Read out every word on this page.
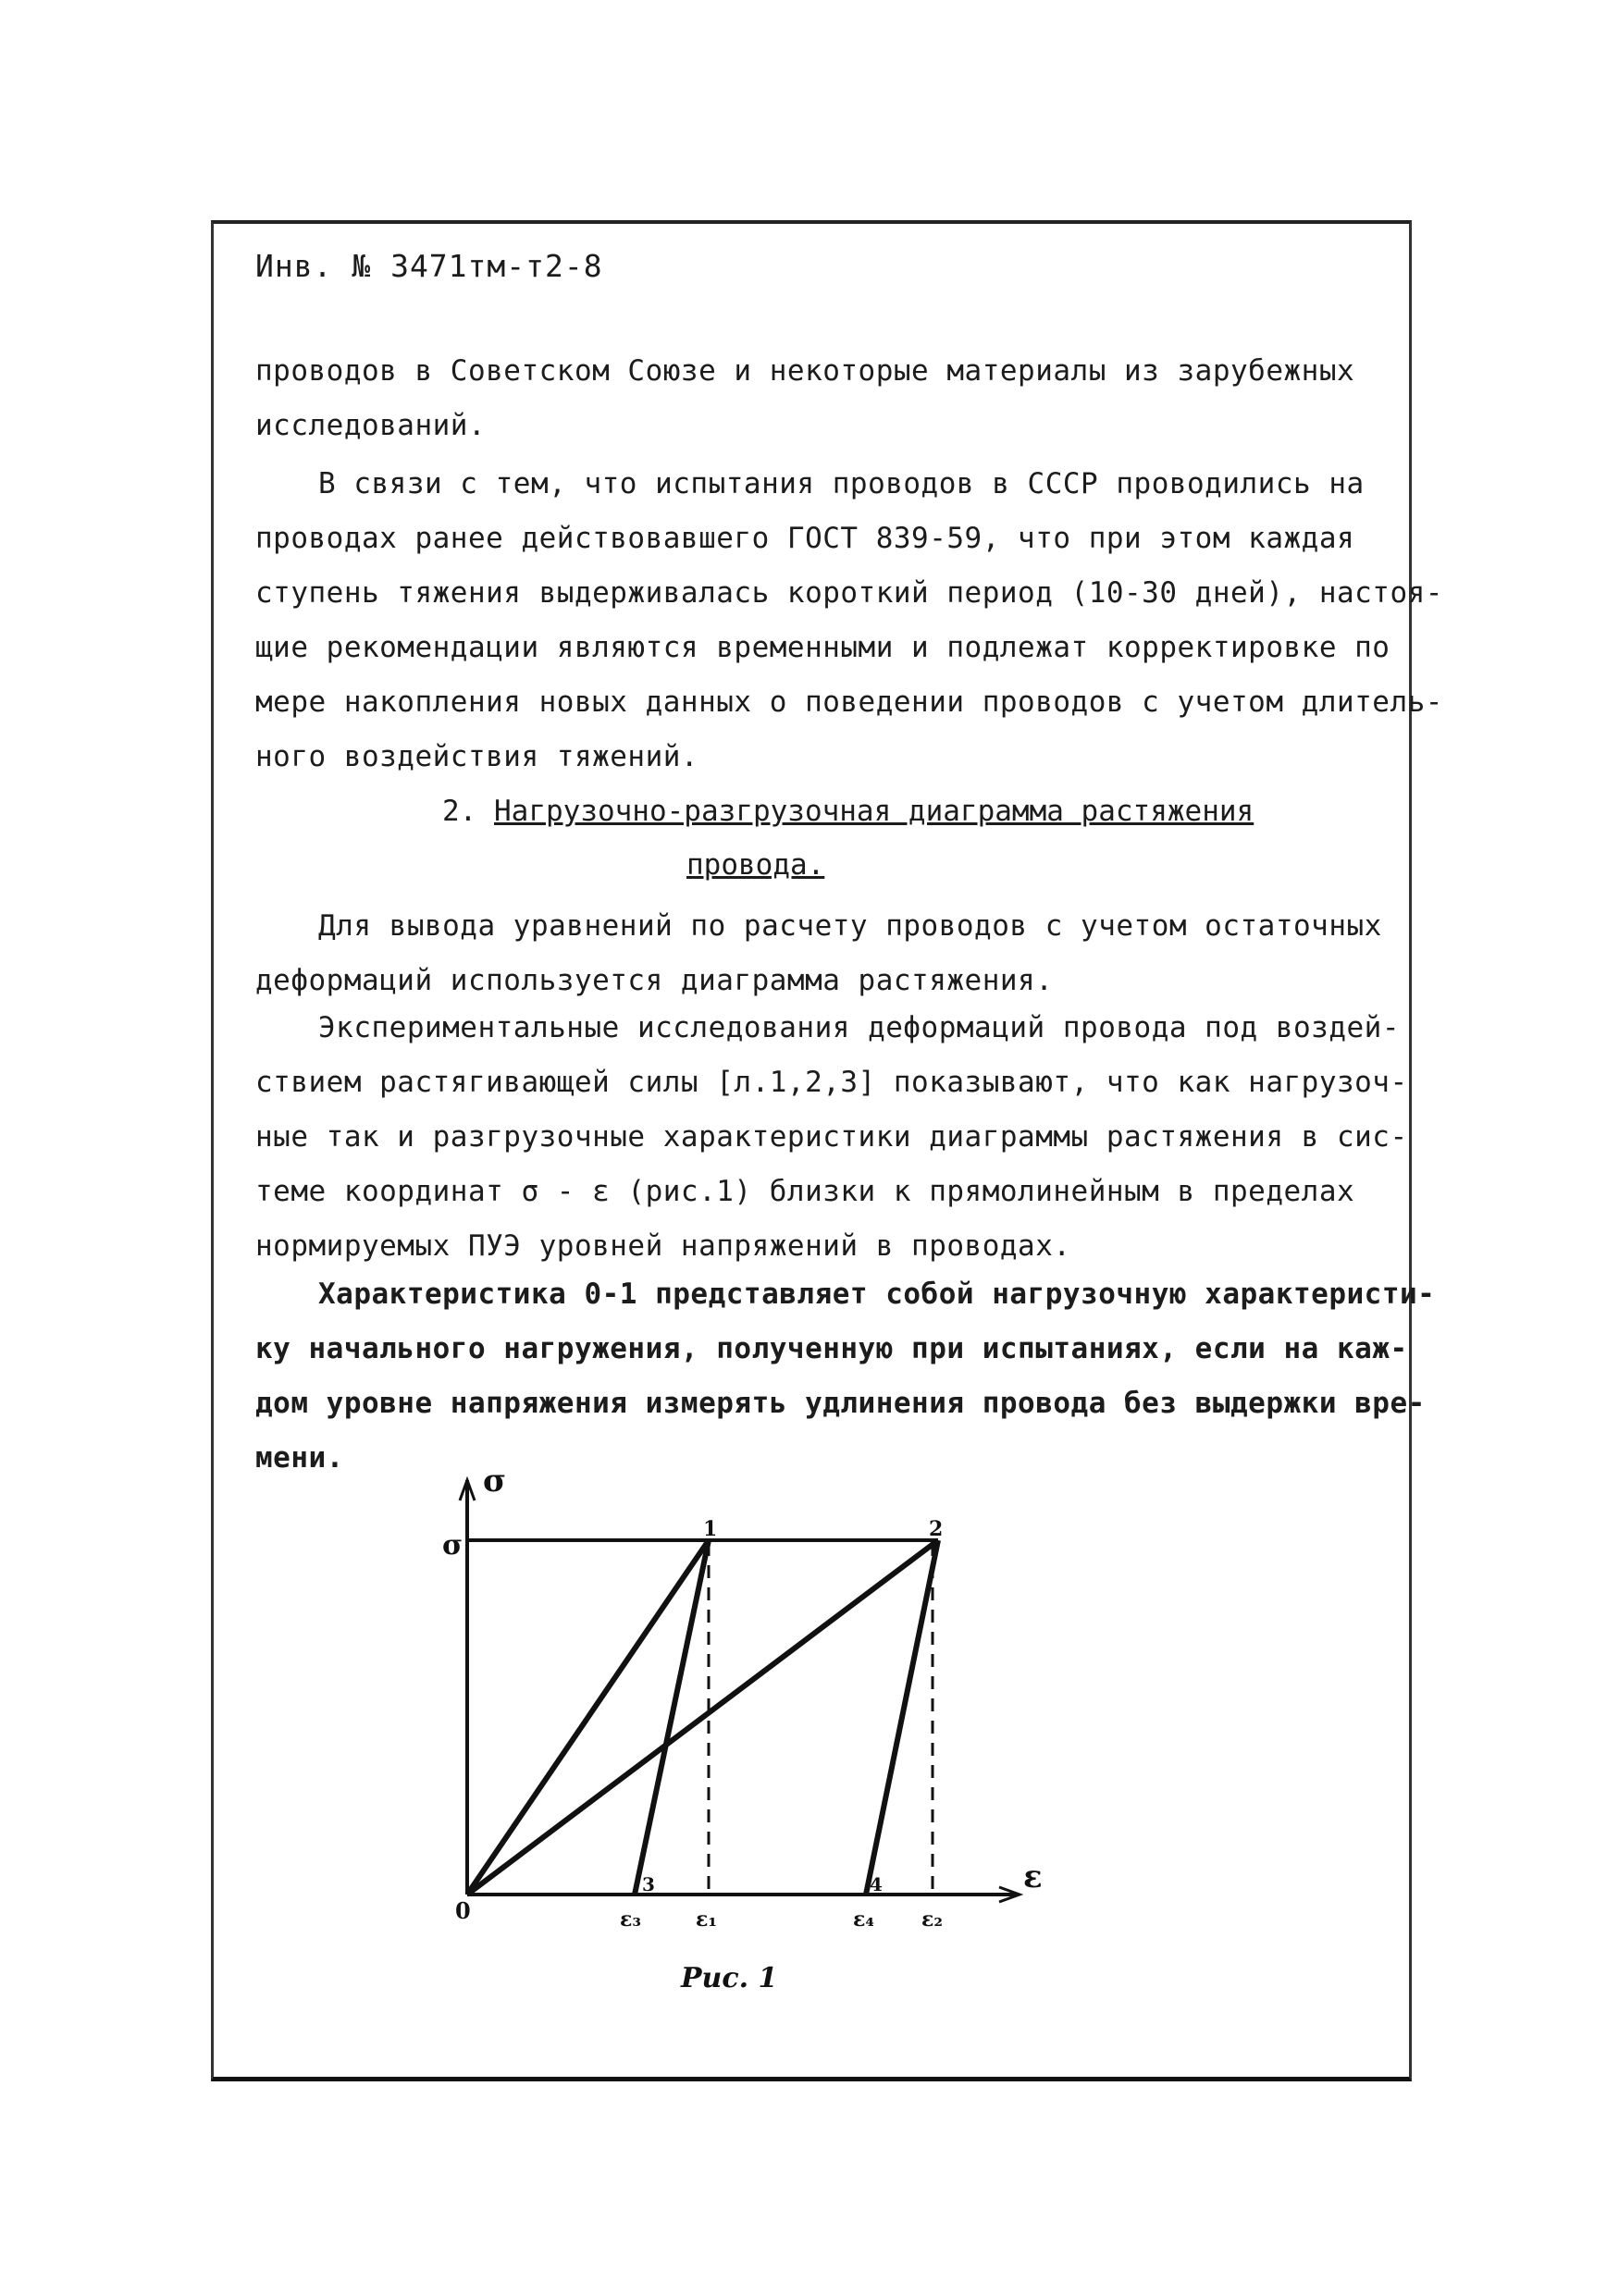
Инв. № 3471тм-т2-8
проводов в Советском Союзе и некоторые материалы из зарубежных
исследований.
В связи с тем, что испытания проводов в СССР проводились на
проводах ранее действовавшего ГОСТ 839-59, что при этом каждая
ступень тяжения выдерживалась короткий период (10-30 дней), настоя-
щие рекомендации являются временными и подлежат корректировке по
мере накопления новых данных о поведении проводов с учетом длитель-
ного воздействия тяжений.
2. Нагрузочно-разгрузочная диаграмма растяжения
провода.
Для вывода уравнений по расчету проводов с учетом остаточных
деформаций используется диаграмма растяжения.
Экспериментальные исследования деформаций провода под воздей-
ствием растягивающей силы [л.1,2,3] показывают, что как нагрузоч-
ные так и разгрузочные характеристики диаграммы растяжения в сис-
теме координат σ - ε (рис.1) близки к прямолинейным в пределах
нормируемых ПУЭ уровней напряжений в проводах.
Характеристика 0-1 представляет собой нагрузочную характеристи-
ку начального нагружения, полученную при испытаниях, если на каж-
дом уровне напряжения измерять удлинения провода без выдержки вре-
мени.
σ
ε
σ
0
1	2
3	4
ε₃	ε₁	ε₄ ε₂
Рис. 1
